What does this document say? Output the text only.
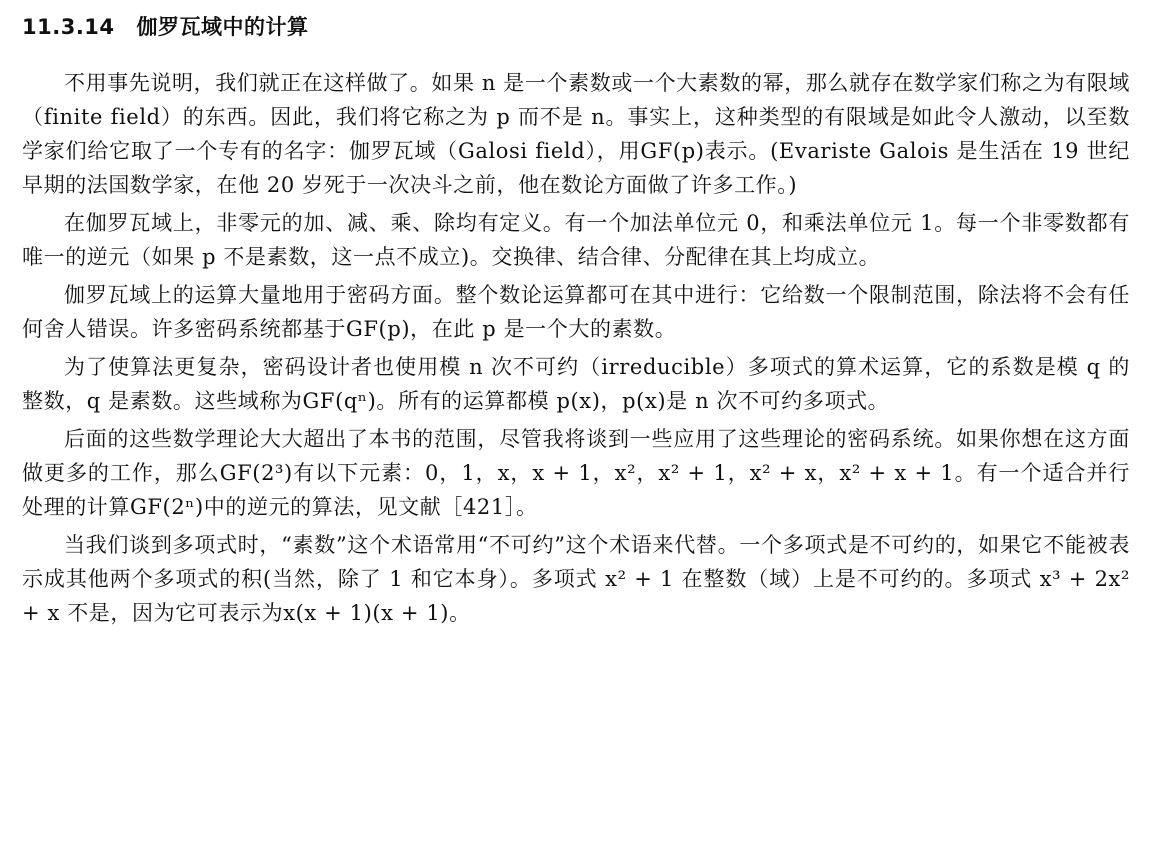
11.3.14 伽罗瓦域中的计算

不用事先说明，我们就正在这样做了。如果 n 是一个素数或一个大素数的幂，那么就存在数学家们称之为有限域（finite field）的东西。因此，我们将它称之为 p 而不是 n。事实上，这种类型的有限域是如此令人激动，以至数学家们给它取了一个专有的名字：伽罗瓦域（Galosi field），用GF(p)表示。(Evariste Galois 是生活在 19 世纪早期的法国数学家，在他 20 岁死于一次决斗之前，他在数论方面做了许多工作。)

在伽罗瓦域上，非零元的加、减、乘、除均有定义。有一个加法单位元 0，和乘法单位元 1。每一个非零数都有唯一的逆元（如果 p 不是素数，这一点不成立)。交换律、结合律、分配律在其上均成立。

伽罗瓦域上的运算大量地用于密码方面。整个数论运算都可在其中进行：它给数一个限制范围，除法将不会有任何舍人错误。许多密码系统都基于GF(p)，在此 p 是一个大的素数。

为了使算法更复杂，密码设计者也使用模 n 次不可约（irreducible）多项式的算术运算，它的系数是模 q 的整数，q 是素数。这些域称为GF(qⁿ)。所有的运算都模 p(x)，p(x)是 n 次不可约多项式。

后面的这些数学理论大大超出了本书的范围，尽管我将谈到一些应用了这些理论的密码系统。如果你想在这方面做更多的工作，那么GF(2³)有以下元素：0，1，x，x + 1，x²，x² + 1，x² + x，x² + x + 1。有一个适合并行处理的计算GF(2ⁿ)中的逆元的算法，见文献［421］。

当我们谈到多项式时，“素数”这个术语常用“不可约”这个术语来代替。一个多项式是不可约的，如果它不能被表示成其他两个多项式的积(当然，除了 1 和它本身）。多项式 x² + 1 在整数（域）上是不可约的。多项式 x³ + 2x² + x 不是，因为它可表示为x(x + 1)(x + 1)。
